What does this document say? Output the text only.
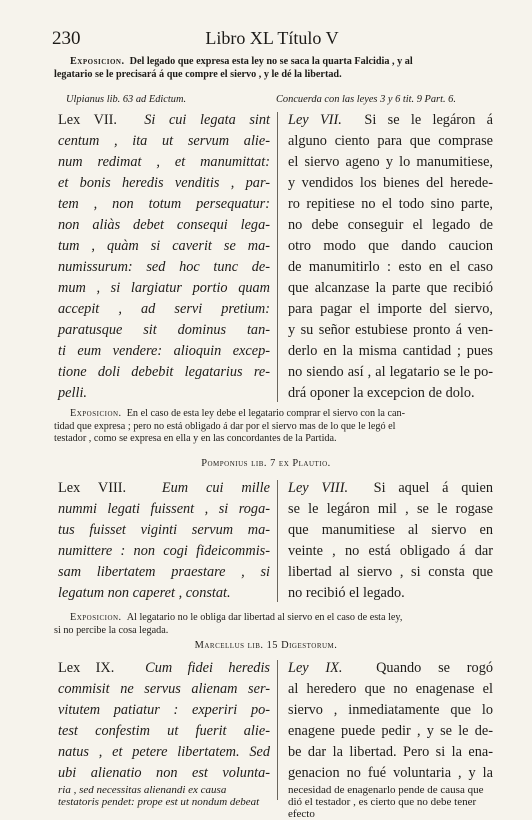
230	Libro XL Título V
Exposicion. Del legado que expresa esta ley no se saca la quarta Falcidia , y al
legatario se le precisará á que compre el siervo , y le dé la libertad.
Ulpianus lib. 63 ad Edictum.	Concuerda con las leyes 3 y 6 tit. 9 Part. 6.
Lex VII. Si cui legata sint
centum , ita ut servum alie-
num redimat , et manumittat:
et bonis heredis venditis , par-
tem , non totum persequatur:
non aliàs debet consequi lega-
tum , quàm si caverit se ma-
numissurum: sed hoc tunc de-
mum , si largiatur portio quam
accepit , ad servi pretium:
paratusque sit dominus tan-
ti eum vendere: alioquin excep-
tione doli debebit legatarius re-
pelli.
Ley VII. Si se le legáron á
alguno ciento para que comprase
el siervo ageno y lo manumitiese,
y vendidos los bienes del herede-
ro repitiese no el todo sino parte,
no debe conseguir el legado de
otro modo que dando caucion
de manumitirlo : esto en el caso
que alcanzase la parte que recibió
para pagar el importe del siervo,
y su señor estubiese pronto á ven-
derlo en la misma cantidad ; pues
no siendo así , al legatario se le po-
drá oponer la excepcion de dolo.
Exposicion. En el caso de esta ley debe el legatario comprar el siervo con la can-
tidad que expresa ; pero no está obligado á dar por el siervo mas de lo que le legó el
testador , como se expresa en ella y en las concordantes de la Partida.
Pomponius lib. 7 ex Plautio.
Lex VIII.	Eum cui mille
nummi legati fuissent , si roga-
tus fuisset viginti servum ma-
numittere : non cogi fideicommis-
sam libertatem praestare , si
legatum non caperet , constat.
Ley VIII. Si aquel á quien
se le legáron mil , se le rogase
que manumitiese al siervo en
veinte , no está obligado á dar
libertad al siervo , si consta que
no recibió el legado.
Exposicion. Al legatario no le obliga dar libertad al siervo en el caso de esta ley,
si no percibe la cosa legada.
Marcellus lib. 15 Digestorum.
Lex IX. Cum fidei heredis
commisit ne servus alienam ser-
vitutem patiatur : experiri po-
test confestim ut fuerit alie-
natus , et petere libertatem. Sed
ubi alienatio non est volunta-
Ley IX. Quando se rogó
al heredero que no enagenase el
siervo , inmediatamente que lo
enagene puede pedir , y se le de-
be dar la libertad. Pero si la ena-
genacion no fué voluntaria , y la
ria , sed necessitas alienandi ex causa testatoris pendet: prope est ut nondum debeat
necesidad de enagenarlo pende de causa que dió el testador , es cierto que no debe tener efecto
